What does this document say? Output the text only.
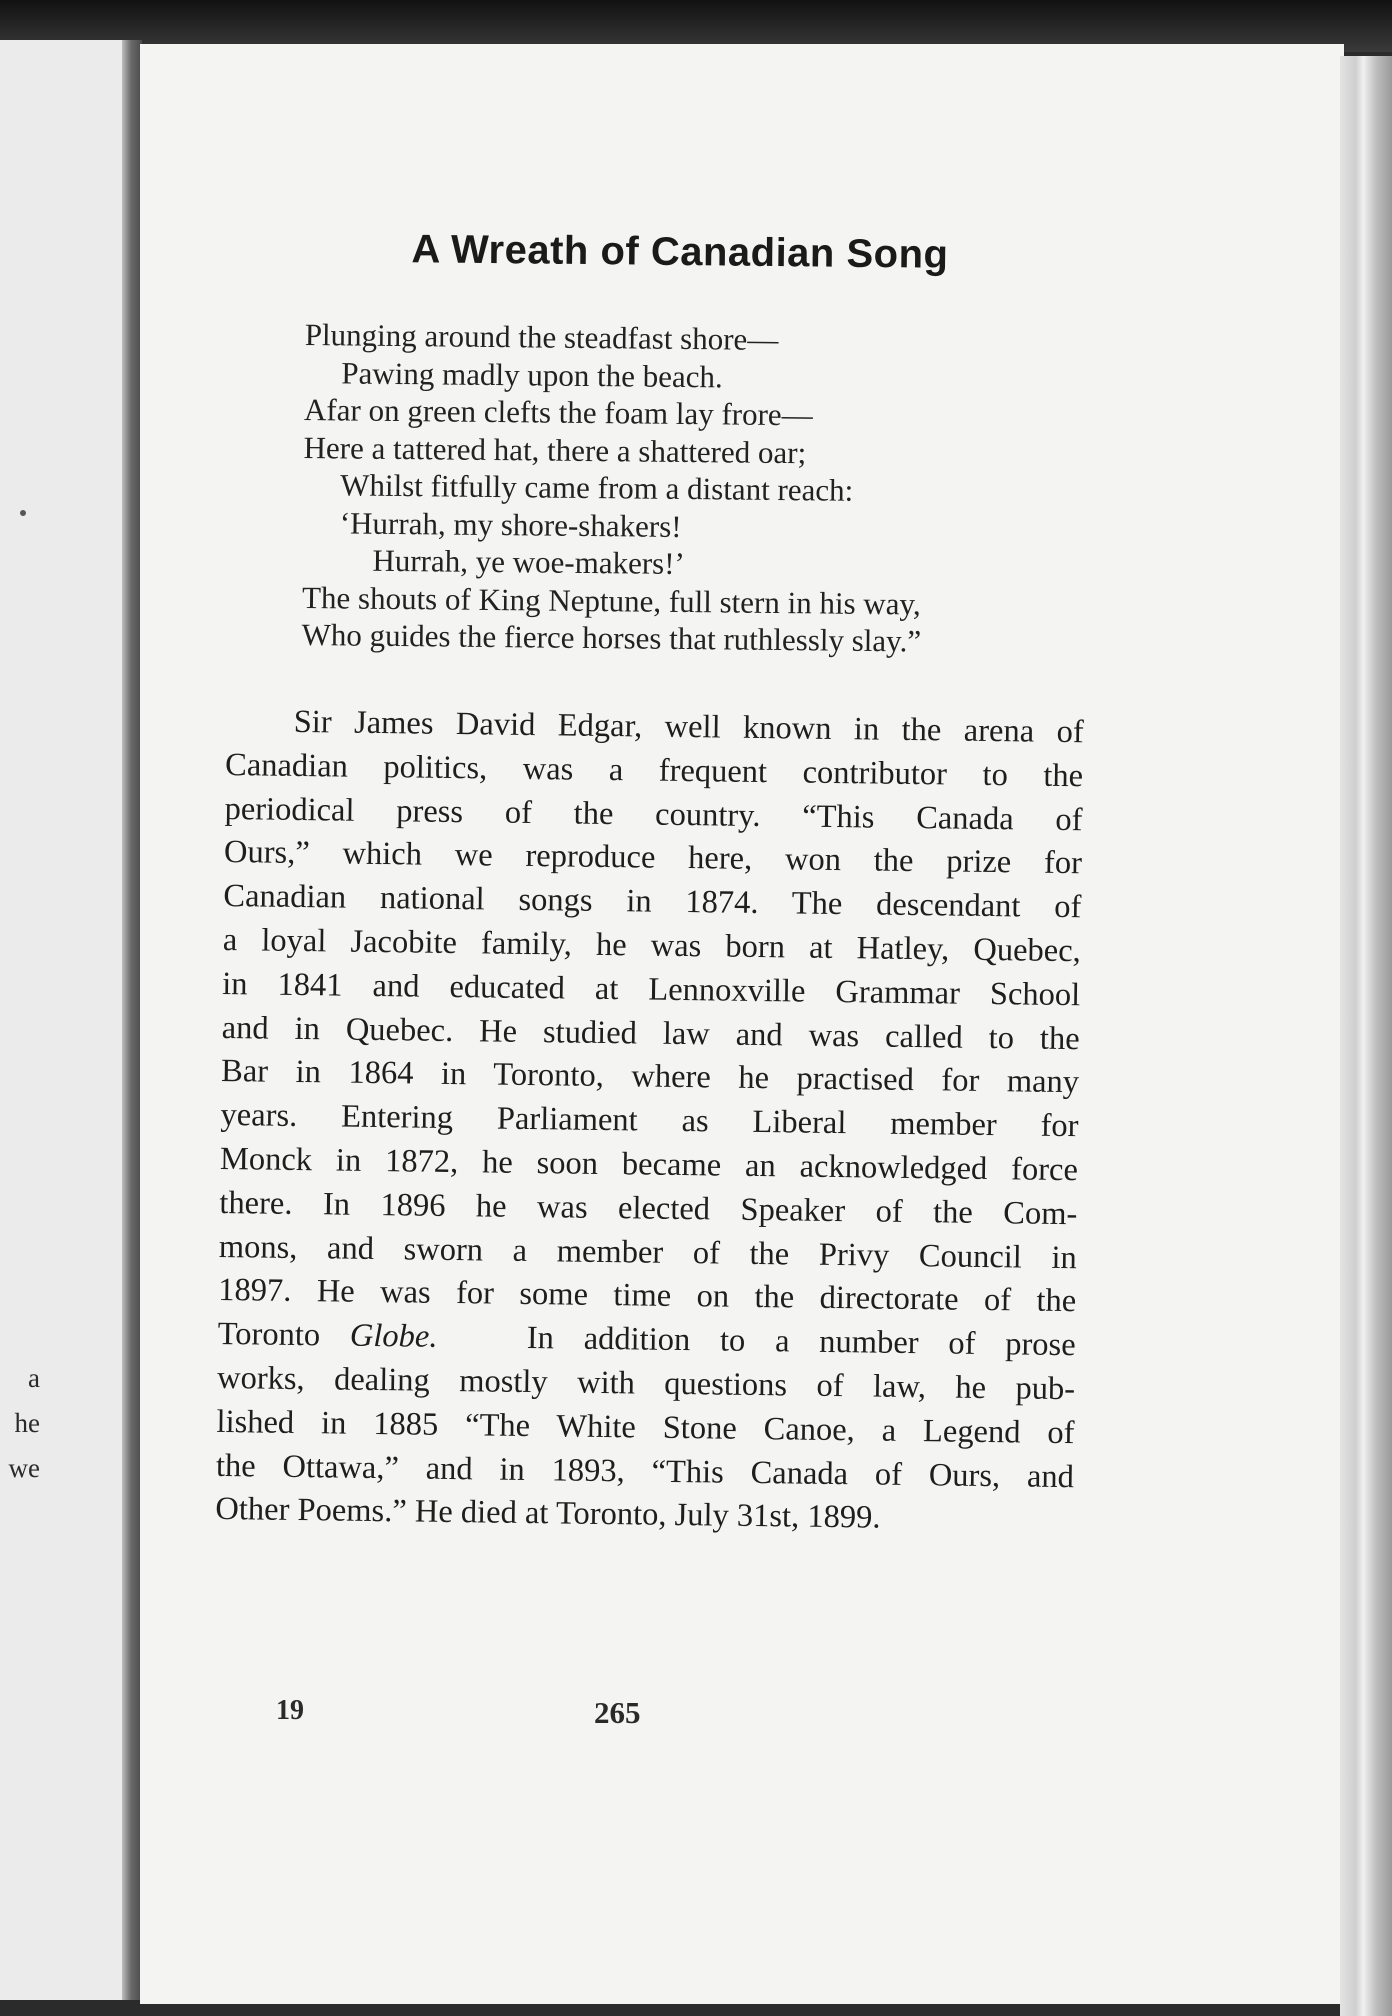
a
he
we
A Wreath of Canadian Song
Plunging around the steadfast shore—
Pawing madly upon the beach.
Afar on green clefts the foam lay frore—
Here a tattered hat, there a shattered oar;
Whilst fitfully came from a distant reach:
‘Hurrah, my shore-shakers!
Hurrah, ye woe-makers!’
The shouts of King Neptune, full stern in his way,
Who guides the fierce horses that ruthlessly slay.”
Sir James David Edgar, well known in the arena of
Canadian politics, was a frequent contributor to the
periodical press of the country. “This Canada of
Ours,” which we reproduce here, won the prize for
Canadian national songs in 1874. The descendant of
a loyal Jacobite family, he was born at Hatley, Quebec,
in 1841 and educated at Lennoxville Grammar School
and in Quebec. He studied law and was called to the
Bar in 1864 in Toronto, where he practised for many
years. Entering Parliament as Liberal member for
Monck in 1872, he soon became an acknowledged force
there. In 1896 he was elected Speaker of the Com-
mons, and sworn a member of the Privy Council in
1897. He was for some time on the directorate of the
Toronto Globe.	In addition to a number of prose
works, dealing mostly with questions of law, he pub-
lished in 1885 “The White Stone Canoe, a Legend of
the Ottawa,” and in 1893, “This Canada of Ours, and
Other Poems.” He died at Toronto, July 31st, 1899.
19	265
